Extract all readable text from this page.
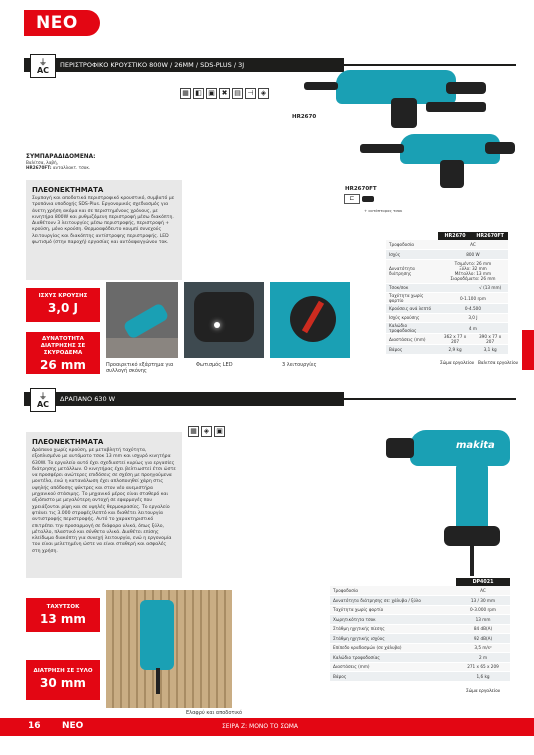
ΝΕΟ
ΠΕΡΙΣΤΡΟΦΙΚΟ ΚΡΟΥΣΤΙΚΟ 800W / 26MM / SDS-PLUS / 3J
⏚
AC
▦ ◧ ▣ ✖ ▤ ⊣	◈
HR2670
HR2670FT
⊏
+ αντάπτορας τσοκ
ΣΥΜΠΑΡΑΔΙΔΟΜΕΝΑ:
Βαλίτσα, λαβή,
HR2670FT: ανταλλακτ. τσοκ.
ΠΛΕΟΝΕΚΤΗΜΑΤΑ
Συμπαγή και αποδοτικά περιστροφικό κρουστικό, συμβατό με τροπάνια υποδοχής SDS-Plus. Εργονομικός σχεδιασμός για άνετη χρήση ακόμα και σε περιστημένους χρόνους, με κινητήρα 800W και ρυθμιζόμενη περιστροφή μέσω διακόπτη. Διαθέτουν 3 λειτουργίες μέσω περιστροφής, περιστροφή + κρούση, μόνο κρούση. Θερμοαφόδευτο κουμπί συνεχούς λειτουργίας και διακόπτης αντίστροφης περιστροφής. LED φωτισμό (στην παροχή) εργασίας και αυτόαφαγγώνου τοκ.
ΙΣΧΥΣ ΚΡΟΥΣΗΣ
3,0 J
ΔΥΝΑΤΟΤΗΤΑ ΔΙΑΤΡΗΣΗΣ ΣΕ ΣΚΥΡΟΔΕΜΑ
26 mm	Προαιρετικό εξάρτημα για συλλογή σκόνης
Φωτισμός LED	3 λειτουργίες
	HR2670	HR2670FT
Τροφοδοσία	AC	
Ισχύς	800 W	
Δυνατότητα διάτρησης	Τσιμέντο: 26 mm
Ξύλο: 32 mm
Μέταλλο: 13 mm
Σιαροδέματα: 26 mm	
Τσοκ/σοκ		√ (13 mm)
Ταχύτητα χωρίς φορτίο	0-1.100 rpm	
Κρούσεις ανά λεπτό	0-4.500	
Ισχύς κρούσης	3,0 J	
Καλώδιο τροφοδοσίας	4 m	
Διαστάσεις (mm)	362 x 77 x 207	390 x 77 x 207
Βάρος	2,9 kg	3,1 kg
Σώμα εργαλείου Βαλιτσα εργαλείου
ΔΡΑΠΑΝΟ 630 W
⏚
AC
▦ ◈	▣
makita
ΠΛΕΟΝΕΚΤΗΜΑΤΑ
Δράπανο χωρίς κρούση, με μεταβλητή ταχύτητα, εξοπλισμένο με αυτόματο τσοκ 13 mm και ισχυρό κινητήρα 630W. Το εργαλείο αυτό έχει σχεδιαστεί κυρίως για εργασίες διάτρησης μετάλλων. Ο κινητήρας έχει βελτιωστεί έτσι ώστε να προσφέρει ανώτερες επιδόσεις σε σχέση με προηγούμενα μοντέλα, ενώ η κατανάλωση έχει απλοποιηθεί χάρη στις υψηλής απόδοσης ψύκτρες και στον νέο ανεμιστήρα μηχανικού στάσιμης. Το μηχανικό μέρος είναι σταθερό και αξιόπιστο με μεγαλύτερη αντοχή σε εφαρμογές που χρειάζονται ρίψη και σε υψηλές θερμοκρασίες. Το εργαλείο φτάνει τις 3.000 στροφές/λεπτό και διαθέτει λειτουργία αντιστροφής περιστροφής. Αυτό το χαρακτηριστικό επιτρέπει την προσαρμογή σε διάφορα υλικά, όπως ξύλο, μέταλλο, πλαστικό και σύνθετα υλικά. Διαθέτει επίσης κλείδωμα διακόπτη για συνεχή λειτουργία, ενώ η εργονομία του είναι μελετημένη ώστε να είναι σταθερή και ασφαλές στη χρήση.
ΤΑΧΥΤΣΟΚ
13 mm
ΔΙΑΤΡΗΣΗ ΣΕ ΞΥΛΟ
30 mm
Ελαφρύ και αποδοτικό
	DP4021
Τροφοδοσία	AC
Δυνατότητα διάτρησης σε: χάλυβα / ξύλο	13 / 30 mm
Ταχύτητα χωρίς φορτίο	0-3.000 rpm
Χωρητικότητα τσοκ	13 mm
Στάθμη ηχητικής πίεσης	84 dB(A)
Στάθμη ηχητικής ισχύος	92 dB(A)
Επίπεδο κραδασμών (σε χάλυβα)	3,5 m/s²
Καλώδιο τροφοδοσίας	2 m
Διαστάσεις (mm)	271 x 65 x 209
Βάρος	1,6 kg
Σώμα εργαλείου
16 ΝΕΟ	ΣΕΙΡΑ Ζ: ΜΟΝΟ ΤΟ ΣΩΜΑ
